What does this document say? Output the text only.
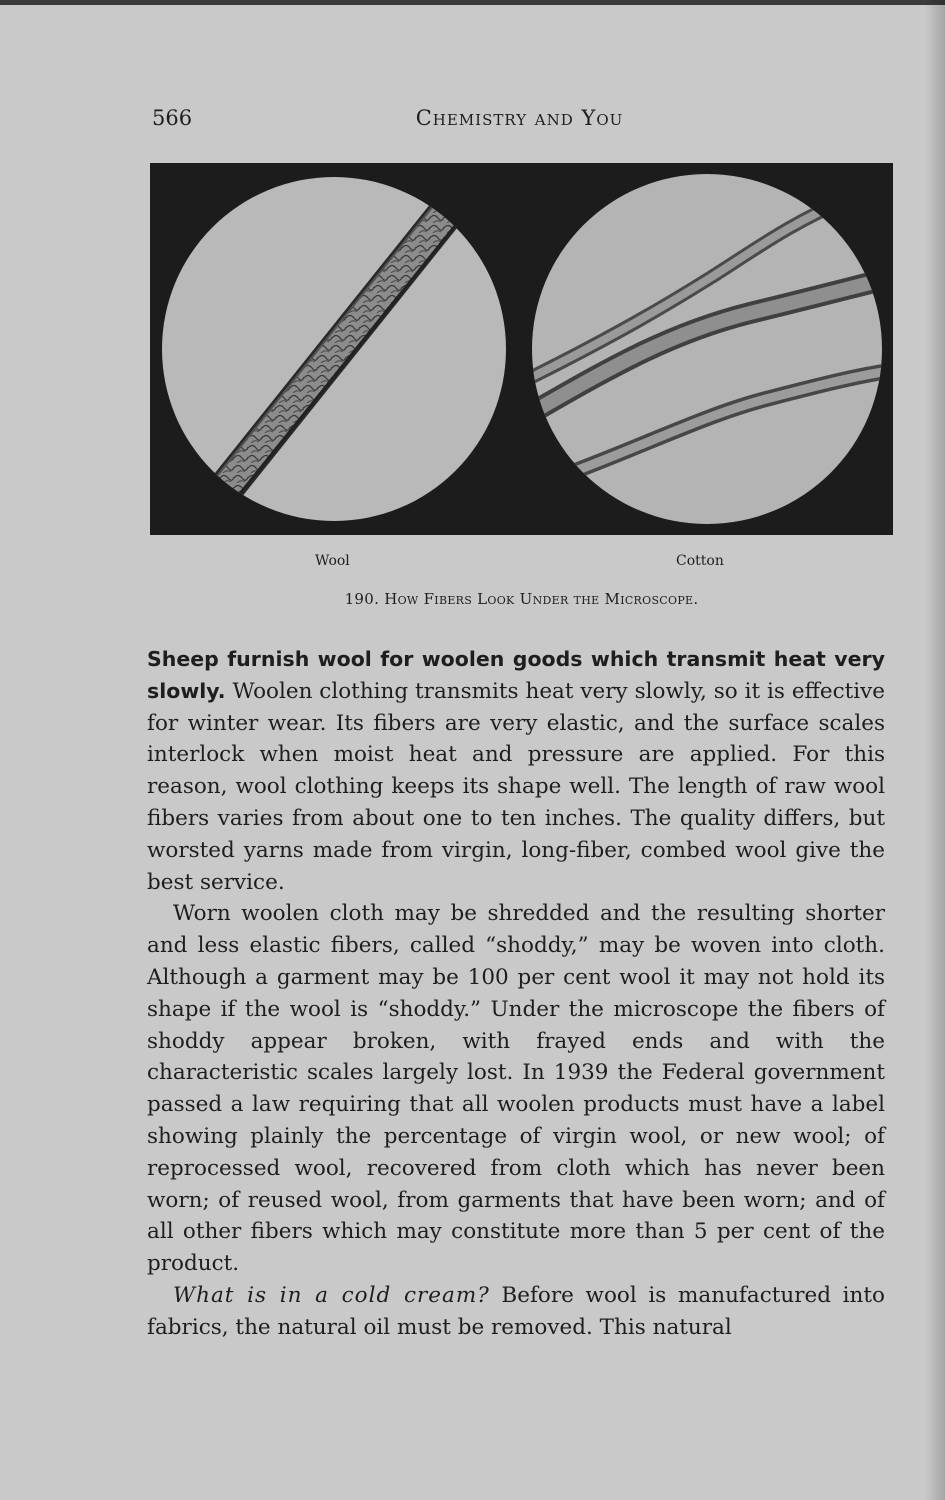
566	Chemistry and You
Wool	Cotton
190. How Fibers Look Under the Microscope.

Sheep furnish wool for woolen goods which transmit heat very slowly. Woolen clothing transmits heat very slowly, so it is effective for winter wear. Its fibers are very elastic, and the surface scales interlock when moist heat and pressure are applied. For this reason, wool clothing keeps its shape well. The length of raw wool fibers varies from about one to ten inches. The quality differs, but worsted yarns made from virgin, long-fiber, combed wool give the best service.

Worn woolen cloth may be shredded and the resulting shorter and less elastic fibers, called “shoddy,” may be woven into cloth. Although a garment may be 100 per cent wool it may not hold its shape if the wool is “shoddy.” Under the microscope the fibers of shoddy appear broken, with frayed ends and with the characteristic scales largely lost. In 1939 the Federal government passed a law requiring that all woolen products must have a label showing plainly the percentage of virgin wool, or new wool; of reprocessed wool, recovered from cloth which has never been worn; of reused wool, from garments that have been worn; and of all other fibers which may constitute more than 5 per cent of the product.

What is in a cold cream? Before wool is manufactured into fabrics, the natural oil must be removed. This natural
